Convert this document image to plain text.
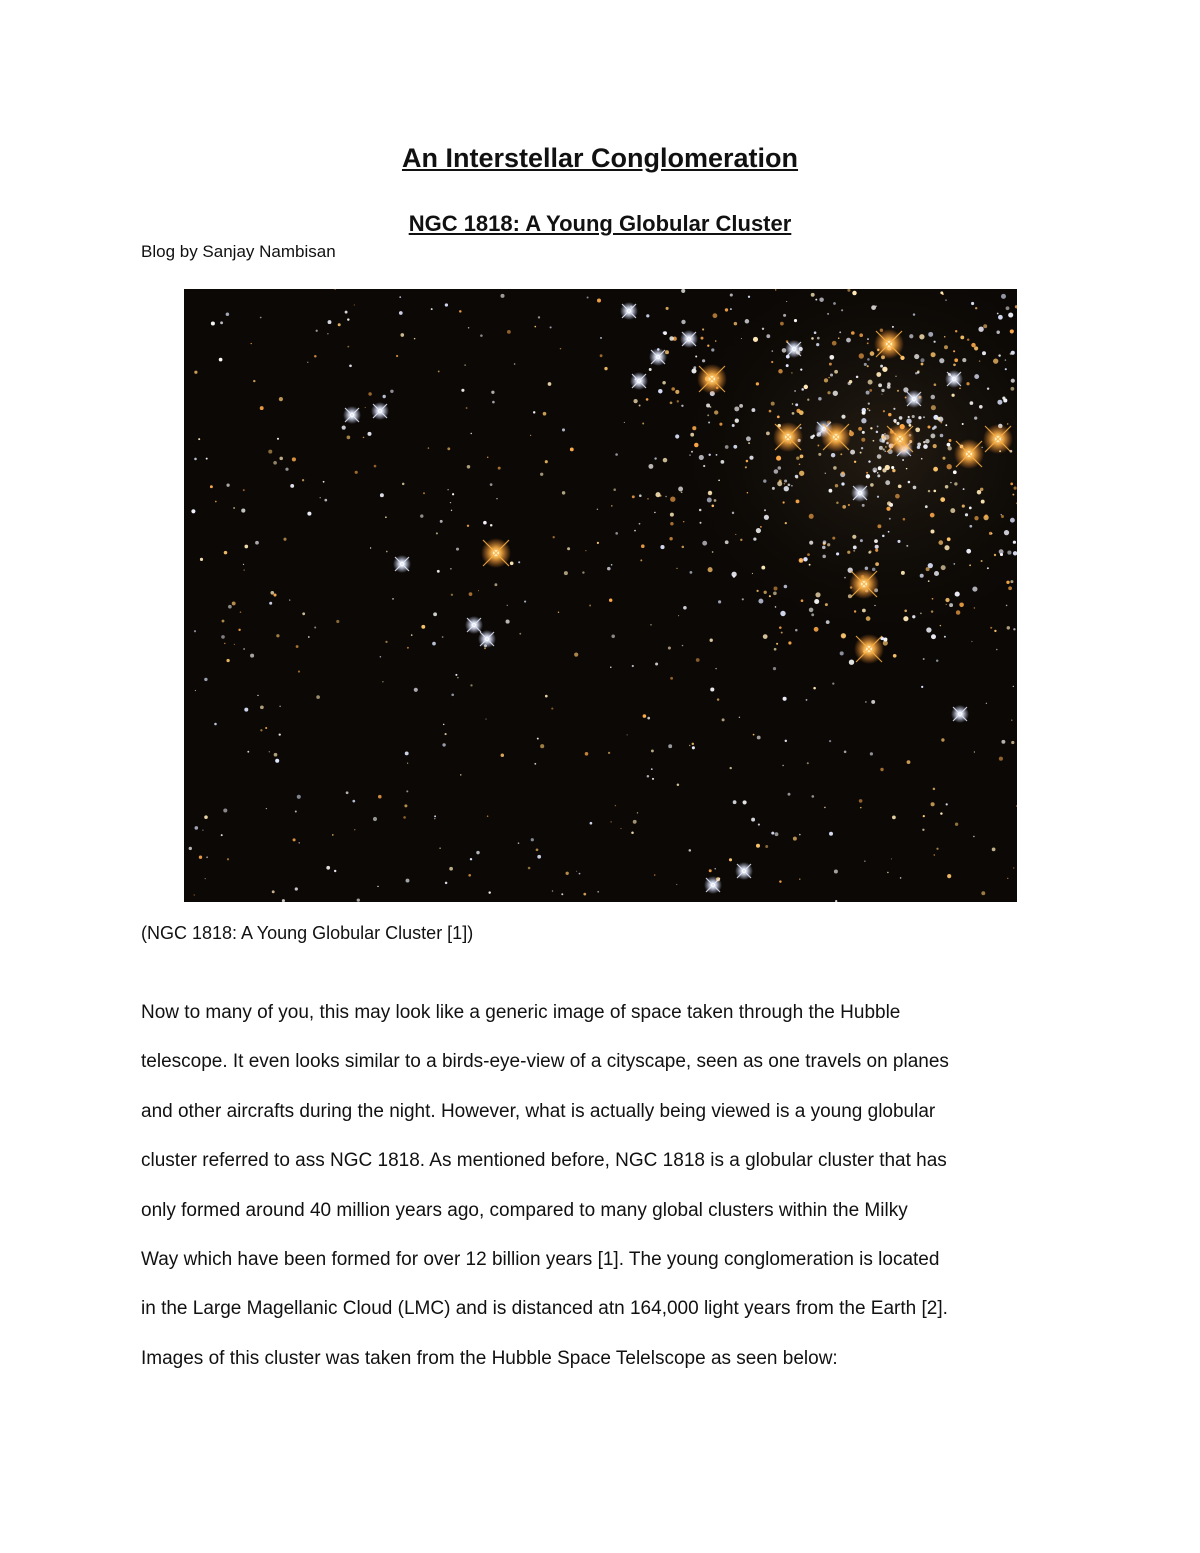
An Interstellar Conglomeration
NGC 1818: A Young Globular Cluster

Blog by Sanjay Nambisan

(NGC 1818: A Young Globular Cluster [1])

Now to many of you, this may look like a generic image of space taken through the Hubble
telescope. It even looks similar to a birds-eye-view of a cityscape, seen as one travels on planes
and other aircrafts during the night. However, what is actually being viewed is a young globular
cluster referred to ass NGC 1818. As mentioned before, NGC 1818 is a globular cluster that has
only formed around 40 million years ago, compared to many global clusters within the Milky
Way which have been formed for over 12 billion years [1]. The young conglomeration is located
in the Large Magellanic Cloud (LMC) and is distanced atn 164,000 light years from the Earth [2].
Images of this cluster was taken from the Hubble Space Telelscope as seen below:
